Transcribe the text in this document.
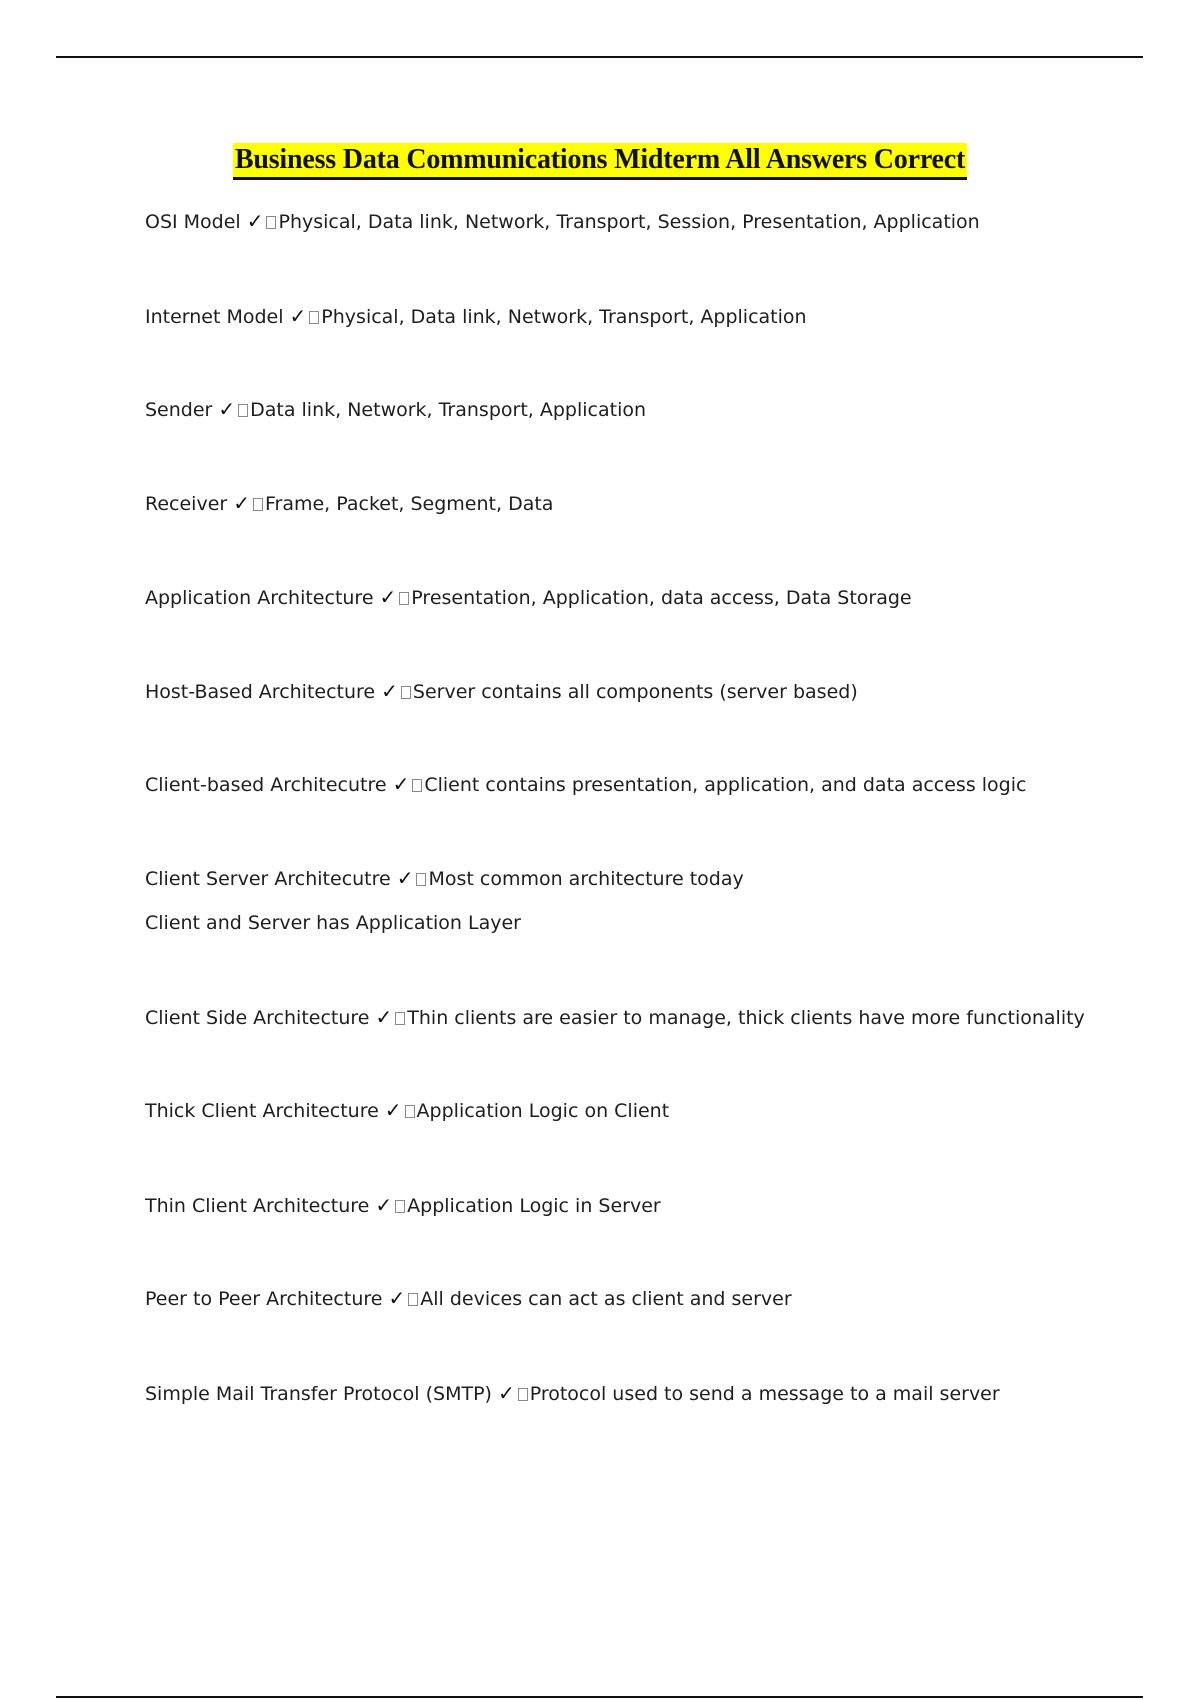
Business Data Communications Midterm All Answers Correct
OSI Model ✓ Physical, Data link, Network, Transport, Session, Presentation, Application
Internet Model ✓ Physical, Data link, Network, Transport, Application
Sender ✓ Data link, Network, Transport, Application
Receiver ✓ Frame, Packet, Segment, Data
Application Architecture ✓ Presentation, Application, data access, Data Storage
Host-Based Architecture ✓ Server contains all components (server based)
Client-based Architecutre ✓ Client contains presentation, application, and data access logic
Client Server Architecutre ✓ Most common architecture today
Client and Server has Application Layer
Client Side Architecture ✓ Thin clients are easier to manage, thick clients have more functionality
Thick Client Architecture ✓ Application Logic on Client
Thin Client Architecture ✓ Application Logic in Server
Peer to Peer Architecture ✓ All devices can act as client and server
Simple Mail Transfer Protocol (SMTP) ✓ Protocol used to send a message to a mail server
